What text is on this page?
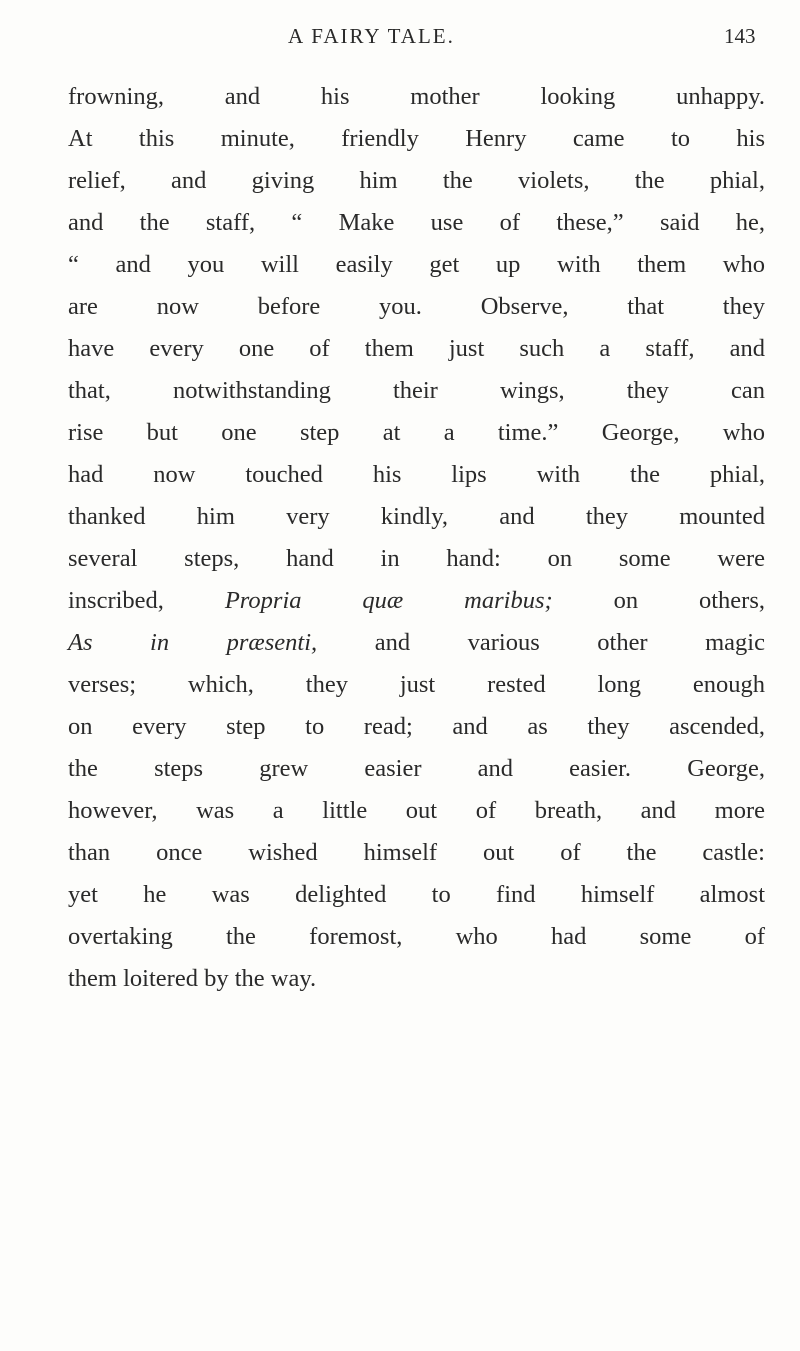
A FAIRY TALE.	143
frowning, and his mother looking unhappy.
At this minute, friendly Henry came to his
relief, and giving him the violets, the phial,
and the staff, “ Make use of these,” said he,
“ and you will easily get up with them who
are now before you. Observe, that they
have every one of them just such a staff, and
that, notwithstanding their wings, they can
rise but one step at a time.” George, who
had now touched his lips with the phial,
thanked him very kindly, and they mounted
several steps, hand in hand: on some were
inscribed, Propria quæ maribus; on others,
As in præsenti, and various other magic
verses; which, they just rested long enough
on every step to read; and as they ascended,
the steps grew easier and easier. George,
however, was a little out of breath, and more
than once wished himself out of the castle:
yet he was delighted to find himself almost
overtaking the foremost, who had some of
them loitered by the way.
